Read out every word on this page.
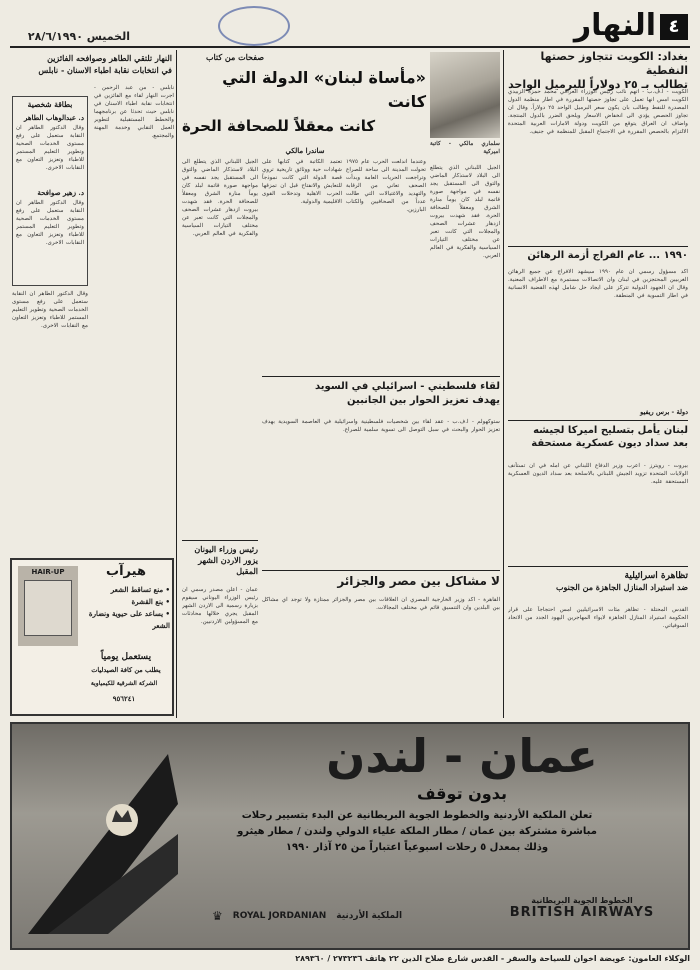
٤
النهار
الخميس ٢٨/٦/١٩٩٠
بغداد: الكويت تتجاوز حصتها النفطية
تطالب بـ ٢٥ دولاراً للبرميل الواحد
الكويت - ا.ف.ب - اتهم نائب رئيس الوزراء العراقي محمد حمزة الزبيدي الكويت امس انها تعمل على تجاوز حصتها المقررة في اطار منظمة الدول المصدرة للنفط وطالب بان يكون سعر البرميل الواحد ٢٥ دولاراً. وقال ان تجاوز الحصص يؤدي الى انخفاض الاسعار ويلحق الضرر بالدول المنتجة. واضاف ان العراق يتوقع من الكويت ودولة الامارات العربية المتحدة الالتزام بالحصص المقررة في الاجتماع المقبل للمنظمة في جنيف.
١٩٩٠ ... عام الفراج أزمة الرهائن
اكد مسؤول رسمي ان عام ١٩٩٠ سيشهد الافراج عن جميع الرهائن الغربيين المحتجزين في لبنان وان الاتصالات مستمرة مع الاطراف المعنية. وقال ان الجهود الدولية تتركز على ايجاد حل شامل لهذه القضية الانسانية في اطار التسوية في المنطقة.
دولة - برس ريفيو
لبنان يأمل بتسليح اميركا لجيشه
بعد سداد ديون عسكرية مستحقة
بيروت - رويترز - اعرب وزير الدفاع اللبناني عن امله في ان تستأنف الولايات المتحدة تزويد الجيش اللبناني بالاسلحة بعد سداد الديون العسكرية المستحقة عليه.
تظاهرة اسرائيلية
ضد استيراد المنازل الجاهزة من الجنوب
القدس المحتلة - تظاهر مئات الاسرائيليين امس احتجاجاً على قرار الحكومة استيراد المنازل الجاهزة لايواء المهاجرين اليهود الجدد من الاتحاد السوفياتي.
صفحات من كتاب
«مأساة لبنان» الدولة التي كانت
كانت معقلاً للصحافة الحرة
سلماري مالكي - كاتبة اميركية
ساندرا مالكي
الجيل اللبناني الذي يتطلع الى البلاد لاستذكار الماضي والتوق الى المستقبل يجد نفسه في مواجهة صورة قاتمة لبلد كان يوماً منارة الشرق ومعقلاً للصحافة الحرة. فقد شهدت بيروت ازدهار عشرات الصحف والمجلات التي كانت تعبر عن مختلف التيارات السياسية والفكرية في العالم العربي.
وعندما اندلعت الحرب عام ١٩٧٥ تحولت المدينة الى ساحة للصراع وتراجعت الحريات العامة وبدأت الصحف تعاني من الرقابة والتهديد والاغتيالات التي طالت عدداً من الصحافيين والكتاب البارزين.
تعتمد الكاتبة في كتابها على شهادات حية ووثائق تاريخية تروي قصة الدولة التي كانت نموذجاً للتعايش والانفتاح قبل ان تمزقها الحرب الاهلية وتدخلات القوى الاقليمية والدولية.
الجيل اللبناني الذي يتطلع الى البلاد لاستذكار الماضي والتوق الى المستقبل يجد نفسه في مواجهة صورة قاتمة لبلد كان يوماً منارة الشرق ومعقلاً للصحافة الحرة. فقد شهدت بيروت ازدهار عشرات الصحف والمجلات التي كانت تعبر عن مختلف التيارات السياسية والفكرية في العالم العربي.
لقاء فلسطيني - اسرائيلي في السويد
يهدف تعزيز الحوار بين الجانبين
ستوكهولم - ا.ف.ب - عقد لقاء بين شخصيات فلسطينية واسرائيلية في العاصمة السويدية بهدف تعزيز الحوار والبحث في سبل التوصل الى تسوية سلمية للصراع.
لا مشاكل بين مصر والجزائر
القاهرة - اكد وزير الخارجية المصري ان العلاقات بين مصر والجزائر ممتازة ولا توجد اي مشاكل بين البلدين وان التنسيق قائم في مختلف المجالات.
رئيس وزراء اليونان يزور الاردن الشهر المقبل
عمان - اعلن مصدر رسمي ان رئيس الوزراء اليوناني سيقوم بزيارة رسمية الى الاردن الشهر المقبل يجري خلالها محادثات مع المسؤولين الاردنيين.
النهار تلتقي الطاهر وصوافحه الفائزين
في انتخابات نقابة اطباء الاسنان - نابلس
بطاقة شخصية
د. عبدالوهاب الطاهر
وقال الدكتور الطاهر ان النقابة ستعمل على رفع مستوى الخدمات الصحية وتطوير التعليم المستمر للاطباء وتعزيز التعاون مع النقابات الاخرى.
د. زهير صوافحة
وقال الدكتور الطاهر ان النقابة ستعمل على رفع مستوى الخدمات الصحية وتطوير التعليم المستمر للاطباء وتعزيز التعاون مع النقابات الاخرى.
نابلس - من عبد الرحمن - اجرت النهار لقاء مع الفائزين في انتخابات نقابة اطباء الاسنان في نابلس حيث تحدثا عن برنامجهما والخطط المستقبلية لتطوير العمل النقابي وخدمة المهنة والمجتمع.
وقال الدكتور الطاهر ان النقابة ستعمل على رفع مستوى الخدمات الصحية وتطوير التعليم المستمر للاطباء وتعزيز التعاون مع النقابات الاخرى.
هيرآب
HAIR-UP
• منع تساقط الشعر
• ينع القشرة
• يساعد على حيوية ونضارة الشعر
يستعمل يومياً
يطلب من كافة الصيدليات
الشركة الشرقية للكيمياوية
٩٥٦٢٤١
عمان - لندن
بدون توقف
تعلن الملكية الأردنية والخطوط الجوية البريطانية عن البدء بتسيير رحلات
مباشرة مشتركة بين عمان / مطار الملكة علياء الدولي ولندن / مطار هيثرو
وذلك بمعدل ٥ رحلات اسبوعياً اعتباراً من ٢٥ آذار ١٩٩٠
♛ ROYAL JORDANIAN الملكية الأردنية
الخطوط الجوية البريطانية
BRITISH AIRWAYS
الوكلاء العامون: عويضة اخوان للسياحة والسفر - القدس شارع صلاح الدين ٢٢ هاتف ٢٧٣٢٣٦ / ٢٨٩٣٦٠
